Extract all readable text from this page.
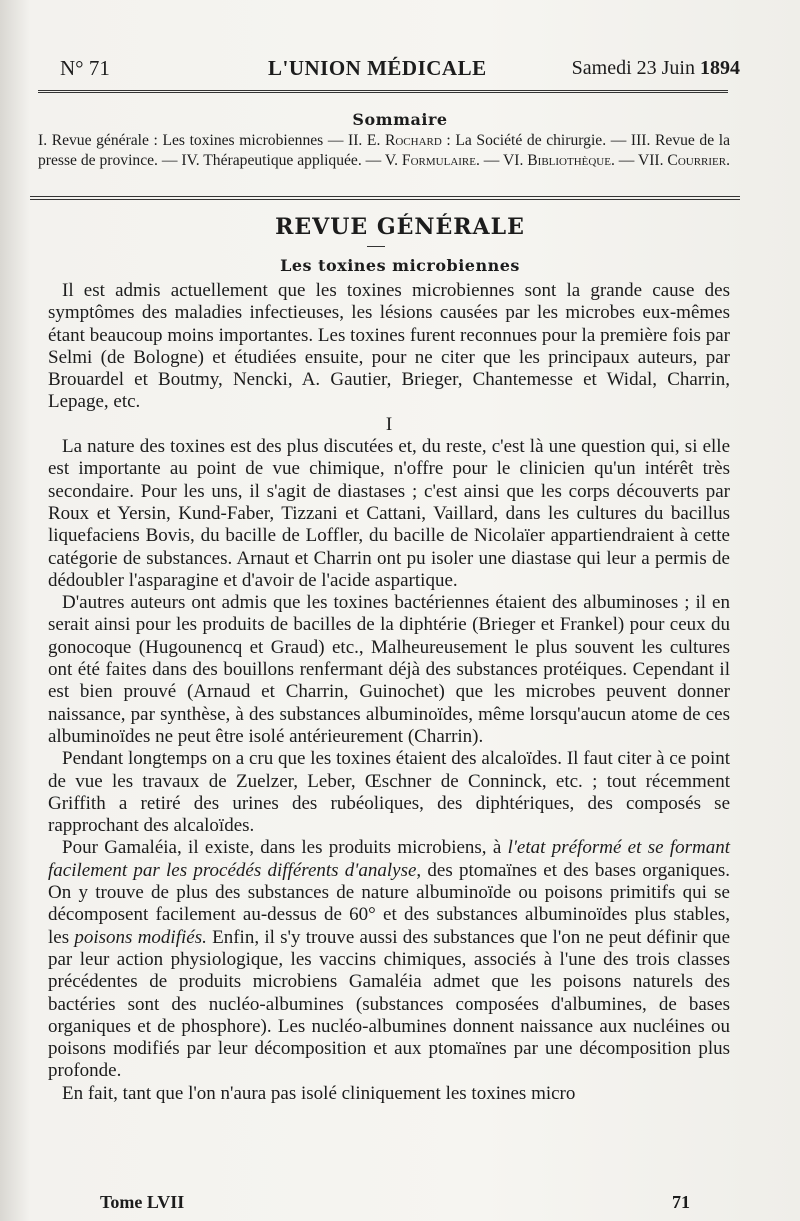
N° 71	L'UNION MÉDICALE	Samedi 23 Juin 1894
Sommaire
I. Revue générale : Les toxines microbiennes — II. E. Rochard : La Société de chirurgie. — III. Revue de la presse de province. — IV. Thérapeutique appliquée. — V. Formulaire. — VI. Bibliothèque. — VII. Courrier.
REVUE GÉNÉRALE
Les toxines microbiennes

Il est admis actuellement que les toxines microbiennes sont la grande cause des symptômes des maladies infectieuses, les lésions causées par les microbes eux-mêmes étant beaucoup moins importantes. Les toxines furent reconnues pour la première fois par Selmi (de Bologne) et étudiées ensuite, pour ne citer que les principaux auteurs, par Brouardel et Boutmy, Nencki, A. Gautier, Brieger, Chantemesse et Widal, Charrin, Lepage, etc.

I

La nature des toxines est des plus discutées et, du reste, c'est là une question qui, si elle est importante au point de vue chimique, n'offre pour le clinicien qu'un intérêt très secondaire. Pour les uns, il s'agit de diastases ; c'est ainsi que les corps découverts par Roux et Yersin, Kund-Faber, Tizzani et Cattani, Vaillard, dans les cultures du bacillus liquefaciens Bovis, du bacille de Loffler, du bacille de Nicolaïer appartiendraient à cette catégorie de substances. Arnaut et Charrin ont pu isoler une diastase qui leur a permis de dédoubler l'asparagine et d'avoir de l'acide aspartique.

D'autres auteurs ont admis que les toxines bactériennes étaient des albuminoses ; il en serait ainsi pour les produits de bacilles de la diphtérie (Brieger et Frankel) pour ceux du gonocoque (Hugounencq et Graud) etc., Malheureusement le plus souvent les cultures ont été faites dans des bouillons renfermant déjà des substances protéiques. Cependant il est bien prouvé (Arnaud et Charrin, Guinochet) que les microbes peuvent donner naissance, par synthèse, à des substances albuminoïdes, même lorsqu'aucun atome de ces albuminoïdes ne peut être isolé antérieurement (Charrin).

Pendant longtemps on a cru que les toxines étaient des alcaloïdes. Il faut citer à ce point de vue les travaux de Zuelzer, Leber, Œschner de Conninck, etc. ; tout récemment Griffith a retiré des urines des rubéoliques, des diphtériques, des composés se rapprochant des alcaloïdes.

Pour Gamaléia, il existe, dans les produits microbiens, à l'etat préformé et se formant facilement par les procédés différents d'analyse, des ptomaïnes et des bases organiques. On y trouve de plus des substances de nature albuminoïde ou poisons primitifs qui se décomposent facilement au-dessus de 60° et des substances albuminoïdes plus stables, les poisons modifiés. Enfin, il s'y trouve aussi des substances que l'on ne peut définir que par leur action physiologique, les vaccins chimiques, associés à l'une des trois classes précédentes de produits microbiens Gamaléia admet que les poisons naturels des bactéries sont des nucléo-albumines (substances composées d'albumines, de bases organiques et de phosphore). Les nucléo-albumines donnent naissance aux nucléines ou poisons modifiés par leur décomposition et aux ptomaïnes par une décomposition plus profonde.

En fait, tant que l'on n'aura pas isolé cliniquement les toxines micro

Tome LVII	71
